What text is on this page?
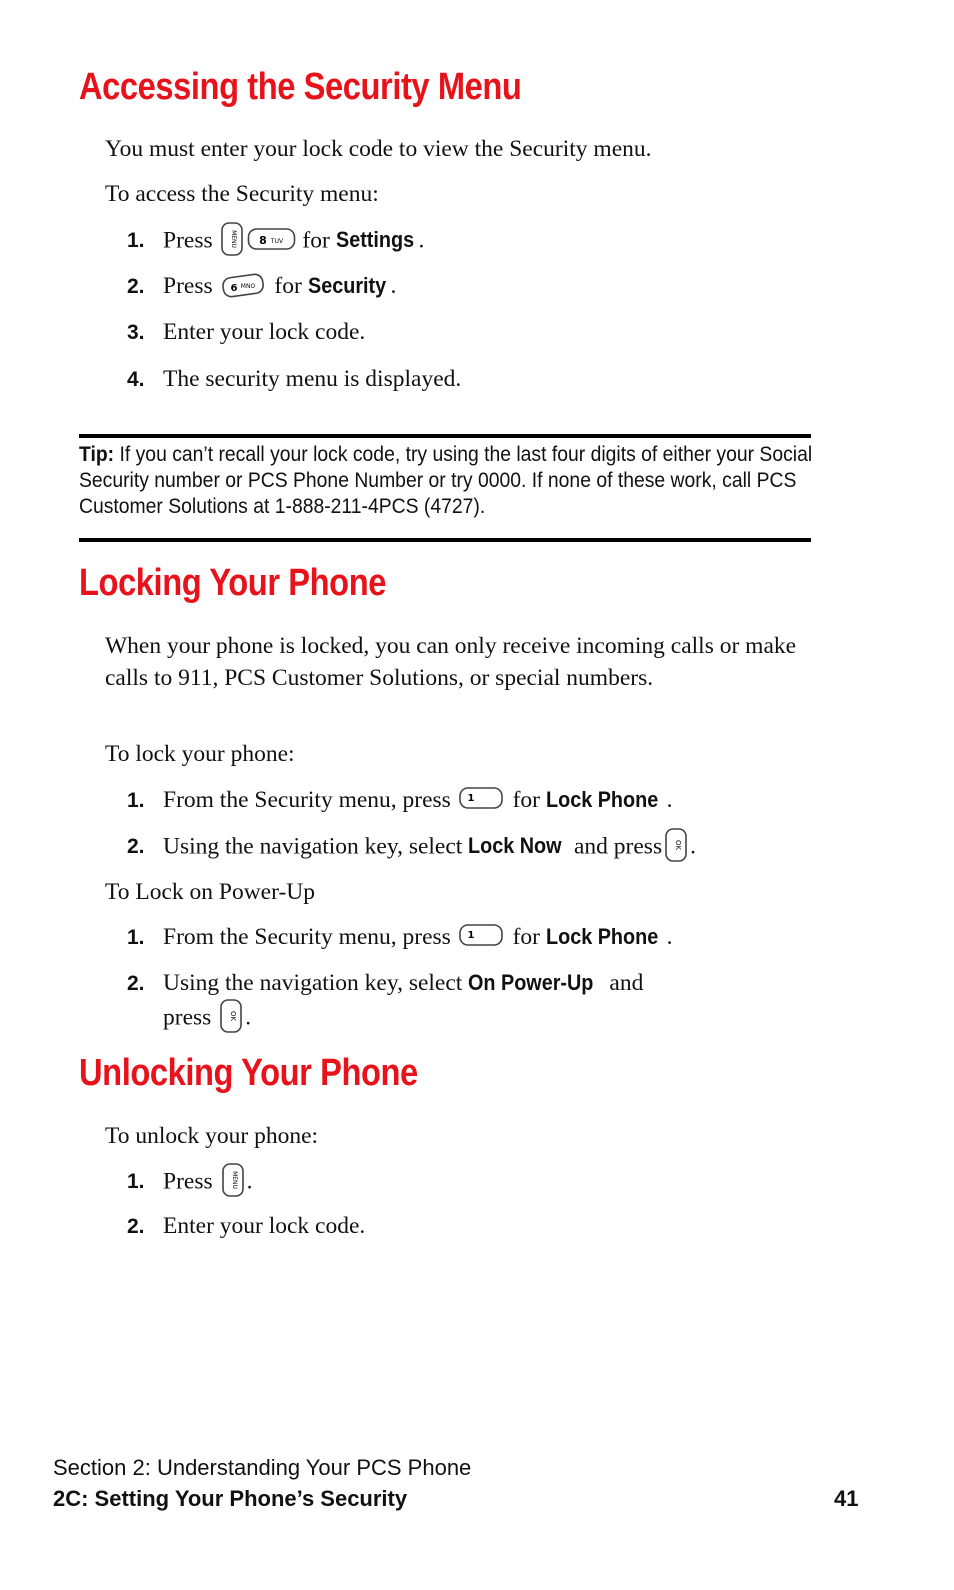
Accessing the Security Menu

You must enter your lock code to view the Security menu.

To access the Security menu:

1. Press	MENU 8 TUV for Settings .
2. Press 6 MNO for Security .
3. Enter your lock code.
4. The security menu is displayed.
Tip: If you can’t recall your lock code, try using the last four digits of either your Social Security number or PCS Phone Number or try 0000. If none of these work, call PCS Customer Solutions at 1-888-211-4PCS (4727).
Locking Your Phone

When your phone is locked, you can only receive incoming calls or make calls to 911, PCS Customer Solutions, or special numbers.

To lock your phone:

1. From the Security menu, press 1 for Lock Phone .
2. Using the navigation key, select Lock Now and press OK .

To Lock on Power-Up

1. From the Security menu, press 1 for Lock Phone .
2. Using the navigation key, select On Power-Up and
press	OK .
Unlocking Your Phone

To unlock your phone:

1. Press	MENU .
2. Enter your lock code.
Section 2: Understanding Your PCS Phone
2C: Setting Your Phone’s Security	41
